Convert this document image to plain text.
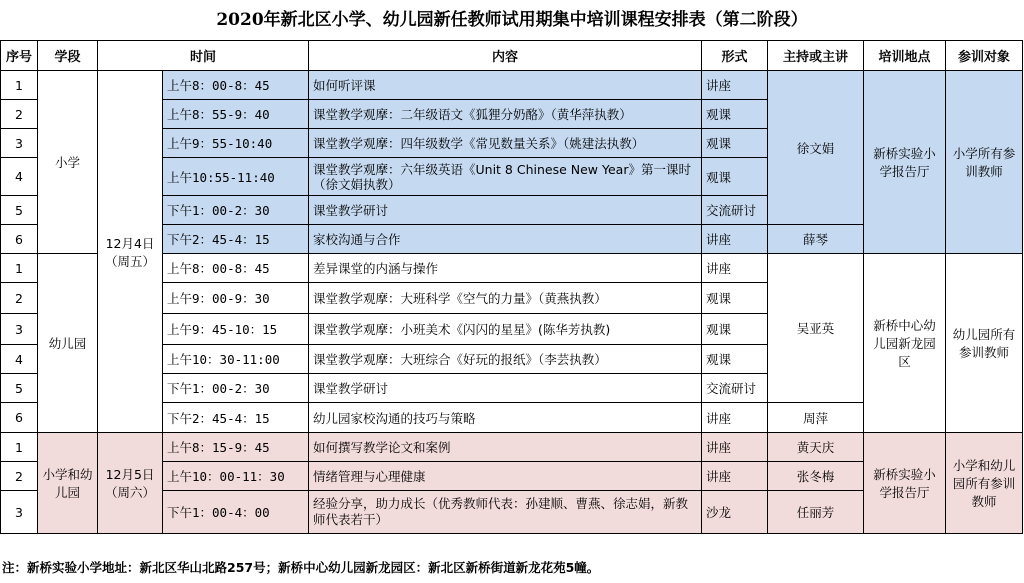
2020年新北区小学、幼儿园新任教师试用期集中培训课程安排表（第二阶段）
序号	学段	时间		内容	形式	主持或主讲	培训地点	参训对象
1	小学	12月4日（周五）	上午8：00-8：45	如何听评课	讲座	徐文娟	新桥实验小学报告厅	小学所有参训教师
2			上午8：55-9：40	课堂教学观摩：二年级语文《狐狸分奶酪》（黄华萍执教）	观课			
3			上午9：55-10:40	课堂教学观摩：四年级数学《常见数量关系》（姚建法执教）	观课			
4			上午10:55-11:40	课堂教学观摩：六年级英语《Unit 8 Chinese New Year》第一课时（徐文娟执教）	观课			
5			下午1：00-2：30	课堂教学研讨	交流研讨			
6			下午2：45-4：15	家校沟通与合作	讲座	薛琴		
1	幼儿园		上午8：00-8：45	差异课堂的内涵与操作	讲座	吴亚英	新桥中心幼儿园新龙园区	幼儿园所有参训教师
2			上午9：00-9：30	课堂教学观摩：大班科学《空气的力量》（黄燕执教）	观课			
3			上午9：45-10：15	课堂教学观摩：小班美术《闪闪的星星》(陈华芳执教)	观课			
4			上午10：30-11:00	课堂教学观摩：大班综合《好玩的报纸》（李芸执教）	观课			
5			下午1：00-2：30	课堂教学研讨	交流研讨			
6			下午2：45-4：15	幼儿园家校沟通的技巧与策略	讲座	周萍		
1	小学和幼儿园	12月5日（周六）	上午8：15-9：45	如何撰写教学论文和案例	讲座	黄天庆	新桥实验小学报告厅	小学和幼儿园所有参训教师
2			上午10：00-11：30	情绪管理与心理健康	讲座	张冬梅		
3			下午1：00-4：00	经验分享，助力成长（优秀教师代表：孙建顺、曹燕、徐志娟，新教师代表若干）	沙龙	任丽芳		
注：新桥实验小学地址：新北区华山北路257号；新桥中心幼儿园新龙园区：新北区新桥街道新龙花苑5幢。
